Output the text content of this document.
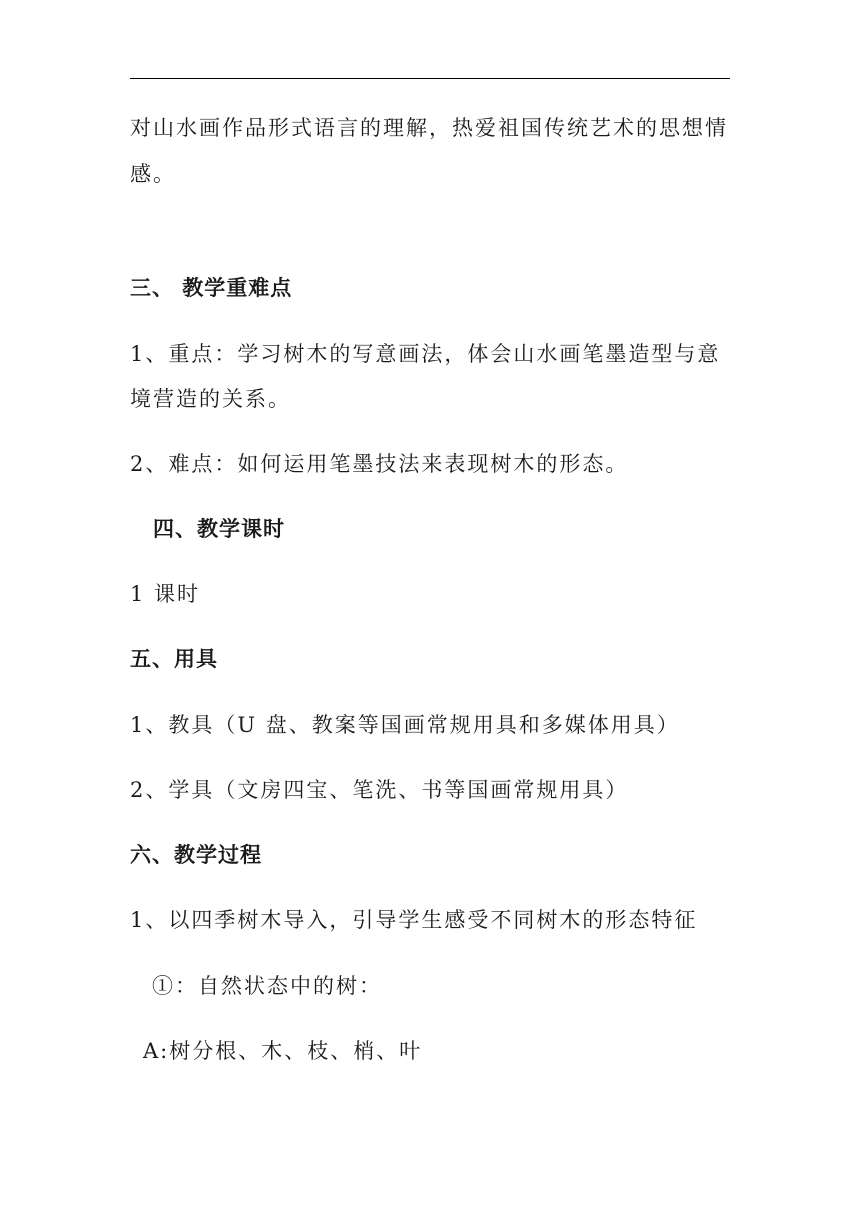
对山水画作品形式语言的理解，热爱祖国传统艺术的思想情
感。
三、 教学重难点
1、重点：学习树木的写意画法，体会山水画笔墨造型与意
境营造的关系。
2、难点：如何运用笔墨技法来表现树木的形态。
四、教学课时
1 课时
五、用具
1、教具（U 盘、教案等国画常规用具和多媒体用具）
2、学具（文房四宝、笔洗、书等国画常规用具）
六、教学过程
1、以四季树木导入，引导学生感受不同树木的形态特征
①：自然状态中的树：
A:树分根、木、枝、梢、叶
